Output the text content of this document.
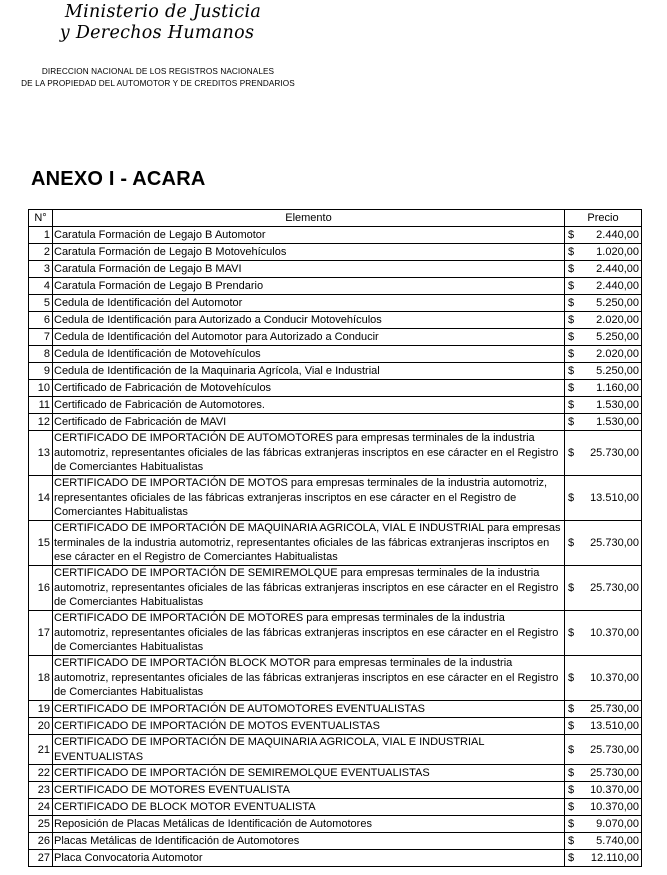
Ministerio de Justicia
y Derechos Humanos
DIRECCION NACIONAL DE LOS REGISTROS NACIONALES
DE LA PROPIEDAD DEL AUTOMOTOR Y DE CREDITOS PRENDARIOS
ANEXO I - ACARA
N°	Elemento	Precio
1	Caratula Formación de Legajo B Automotor	$ 2.440,00

2	Caratula Formación de Legajo B Motovehículos	$ 1.020,00

3	Caratula Formación de Legajo B MAVI	$ 2.440,00

4	Caratula Formación de Legajo B Prendario	$ 2.440,00

5	Cedula de Identificación del Automotor	$ 5.250,00

6	Cedula de Identificación para Autorizado a Conducir Motovehículos	$ 2.020,00

7	Cedula de Identificación del Automotor para Autorizado a Conducir	$ 5.250,00

8	Cedula de Identificación de Motovehículos	$ 2.020,00

9	Cedula de Identificación de la Maquinaria Agrícola, Vial e Industrial	$ 5.250,00

10	Certificado de Fabricación de Motovehículos	$ 1.160,00

11	Certificado de Fabricación de Automotores.	$ 1.530,00

12	Certificado de Fabricación de MAVI	$ 1.530,00

13	CERTIFICADO DE IMPORTACIÓN DE AUTOMOTORES para empresas terminales de la industria automotriz, representantes oficiales de las fábricas extranjeras inscriptos en ese cáracter en el Registro de Comerciantes Habitualistas	$ 25.730,00

14	CERTIFICADO DE IMPORTACIÓN DE MOTOS para empresas terminales de la industria automotriz, representantes oficiales de las fábricas extranjeras inscriptos en ese cáracter en el Registro de Comerciantes Habitualistas	$ 13.510,00

15	CERTIFICADO DE IMPORTACIÓN DE MAQUINARIA AGRICOLA, VIAL E INDUSTRIAL para empresas terminales de la industria automotriz, representantes oficiales de las fábricas extranjeras inscriptos en ese cáracter en el Registro de Comerciantes Habitualistas	$ 25.730,00

16	CERTIFICADO DE IMPORTACIÓN DE SEMIREMOLQUE para empresas terminales de la industria automotriz, representantes oficiales de las fábricas extranjeras inscriptos en ese cáracter en el Registro de Comerciantes Habitualistas	$ 25.730,00

17	CERTIFICADO DE IMPORTACIÓN DE MOTORES para empresas terminales de la industria automotriz, representantes oficiales de las fábricas extranjeras inscriptos en ese cáracter en el Registro de Comerciantes Habitualistas	$ 10.370,00

18	CERTIFICADO DE IMPORTACIÓN BLOCK MOTOR para empresas terminales de la industria automotriz, representantes oficiales de las fábricas extranjeras inscriptos en ese cáracter en el Registro de Comerciantes Habitualistas	$ 10.370,00

19	CERTIFICADO DE IMPORTACIÓN DE AUTOMOTORES EVENTUALISTAS	$ 25.730,00

20	CERTIFICADO DE IMPORTACIÓN DE MOTOS EVENTUALISTAS	$ 13.510,00

21	CERTIFICADO DE IMPORTACIÓN DE MAQUINARIA AGRICOLA, VIAL E INDUSTRIAL EVENTUALISTAS	$ 25.730,00

22	CERTIFICADO DE IMPORTACIÓN DE SEMIREMOLQUE EVENTUALISTAS	$ 25.730,00

23	CERTIFICADO DE MOTORES EVENTUALISTA	$ 10.370,00

24	CERTIFICADO DE BLOCK MOTOR EVENTUALISTA	$ 10.370,00

25	Reposición de Placas Metálicas de Identificación de Automotores	$ 9.070,00

26	Placas Metálicas de Identificación de Automotores	$ 5.740,00

27	Placa Convocatoria Automotor	$ 12.110,00
